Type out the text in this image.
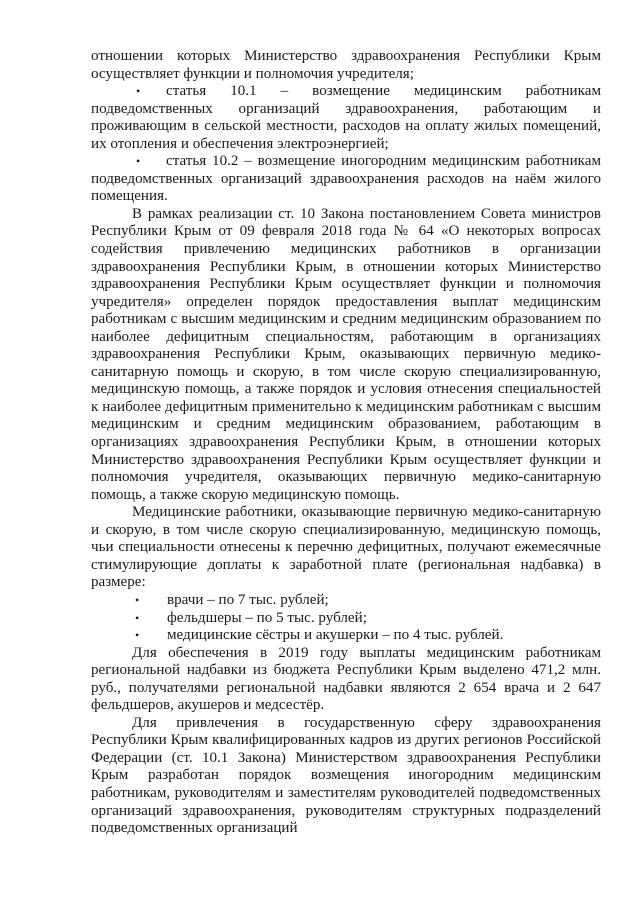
отношении которых Министерство здравоохранения Республики Крым осуществляет функции и полномочия учредителя;

• статья 10.1 – возмещение медицинским работникам подведомственных организаций здравоохранения, работающим и проживающим в сельской местности, расходов на оплату жилых помещений, их отопления и обеспечения электроэнергией;

• статья 10.2 – возмещение иногородним медицинским работникам подведомственных организаций здравоохранения расходов на наём жилого помещения.

В рамках реализации ст. 10 Закона постановлением Совета министров Республики Крым от 09 февраля 2018 года № 64 «О некоторых вопросах содействия привлечению медицинских работников в организации здравоохранения Республики Крым, в отношении которых Министерство здравоохранения Республики Крым осуществляет функции и полномочия учредителя» определен порядок предоставления выплат медицинским работникам с высшим медицинским и средним медицинским образованием по наиболее дефицитным специальностям, работающим в организациях здравоохранения Республики Крым, оказывающих первичную медико-санитарную помощь и скорую, в том числе скорую специализированную, медицинскую помощь, а также порядок и условия отнесения специальностей к наиболее дефицитным применительно к медицинским работникам с высшим медицинским и средним медицинским образованием, работающим в организациях здравоохранения Республики Крым, в отношении которых Министерство здравоохранения Республики Крым осуществляет функции и полномочия учредителя, оказывающих первичную медико-санитарную помощь, а также скорую медицинскую помощь.

Медицинские работники, оказывающие первичную медико-санитарную и скорую, в том числе скорую специализированную, медицинскую помощь, чьи специальности отнесены к перечню дефицитных, получают ежемесячные стимулирующие доплаты к заработной плате (региональная надбавка) в размере:

• врачи – по 7 тыс. рублей;

• фельдшеры – по 5 тыс. рублей;

• медицинские сёстры и акушерки – по 4 тыс. рублей.

Для обеспечения в 2019 году выплаты медицинским работникам региональной надбавки из бюджета Республики Крым выделено 471,2 млн. руб., получателями региональной надбавки являются 2 654 врача и 2 647 фельдшеров, акушеров и медсестёр.

Для привлечения в государственную сферу здравоохранения Республики Крым квалифицированных кадров из других регионов Российской Федерации (ст. 10.1 Закона) Министерством здравоохранения Республики Крым разработан порядок возмещения иногородним медицинским работникам, руководителям и заместителям руководителей подведомственных организаций здравоохранения, руководителям структурных подразделений подведомственных организаций
